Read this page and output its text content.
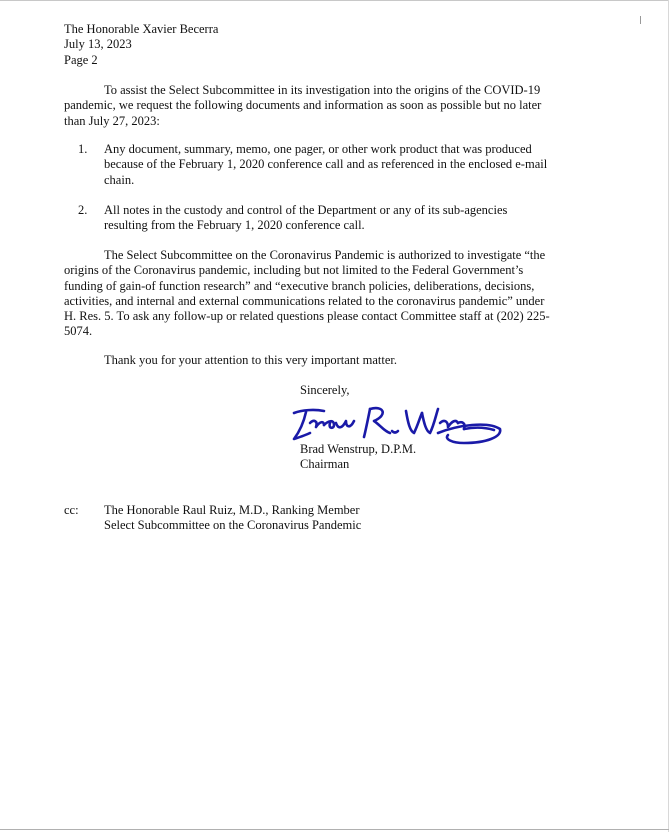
The Honorable Xavier Becerra
July 13, 2023
Page 2
To assist the Select Subcommittee in its investigation into the origins of the COVID-19
pandemic, we request the following documents and information as soon as possible but no later
than July 27, 2023:
1.	Any document, summary, memo, one pager, or other work product that was produced
because of the February 1, 2020 conference call and as referenced in the enclosed e-mail
chain.
2.	All notes in the custody and control of the Department or any of its sub-agencies
resulting from the February 1, 2020 conference call.
The Select Subcommittee on the Coronavirus Pandemic is authorized to investigate “the
origins of the Coronavirus pandemic, including but not limited to the Federal Government’s
funding of gain-of function research” and “executive branch policies, deliberations, decisions,
activities, and internal and external communications related to the coronavirus pandemic” under
H. Res. 5. To ask any follow-up or related questions please contact Committee staff at (202) 225-
5074.
Thank you for your attention to this very important matter.
Sincerely,
Brad Wenstrup, D.P.M.
Chairman
cc: The Honorable Raul Ruiz, M.D., Ranking Member
Select Subcommittee on the Coronavirus Pandemic
